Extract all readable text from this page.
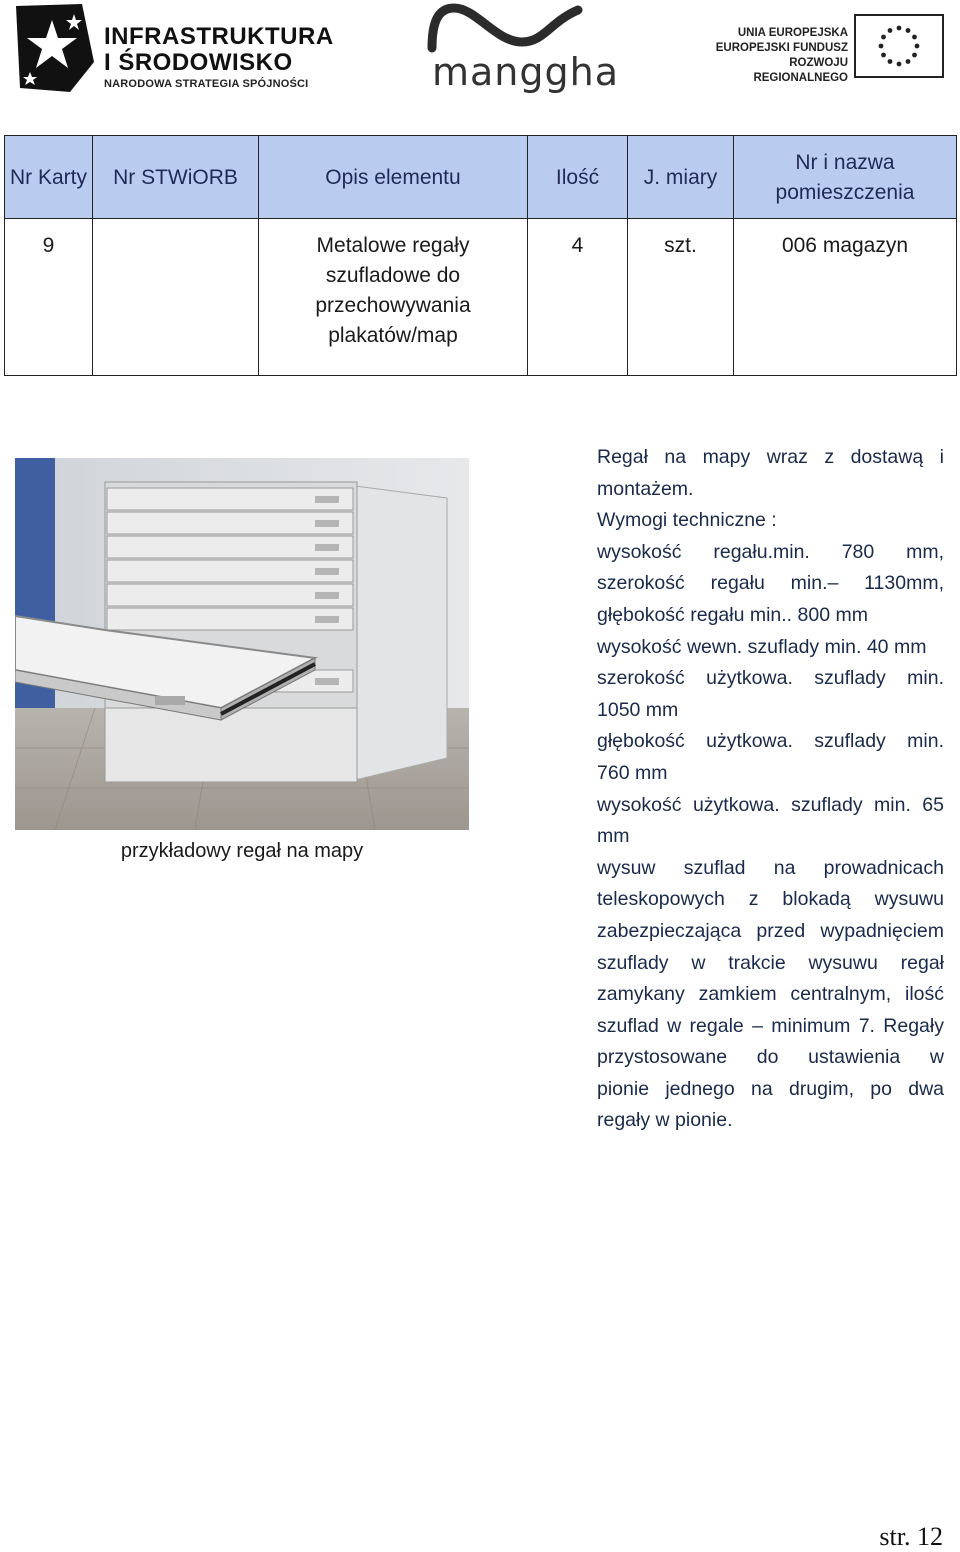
INFRASTRUKTURA
I ŚRODOWISKO
NARODOWA STRATEGIA SPÓJNOŚCI	manggha
UNIA EUROPEJSKA
EUROPEJSKI FUNDUSZ
ROZWOJU REGIONALNEGO
Nr Karty	Nr STWiORB	Opis elementu	Ilość	J. miary	Nr i nazwa pomieszczenia
9		Metalowe regały szufladowe do przechowywania plakatów/map	4	szt.	006 magazyn
przykładowy regał na mapy
Regał na mapy wraz z dostawą i
montażem.
Wymogi techniczne :
wysokość regału.min. 780 mm,
szerokość regału min.– 1130mm,
głębokość regału min.. 800 mm
wysokość wewn. szuflady min. 40 mm
szerokość użytkowa. szuflady min.
1050 mm
głębokość użytkowa. szuflady min.
760 mm
wysokość użytkowa. szuflady min. 65
mm
wysuw szuflad na prowadnicach
teleskopowych z blokadą wysuwu
zabezpieczająca przed wypadnięciem
szuflady w trakcie wysuwu regał
zamykany zamkiem centralnym, ilość
szuflad w regale – minimum 7. Regały
przystosowane do ustawienia w
pionie jednego na drugim, po dwa
regały w pionie.
str. 12
